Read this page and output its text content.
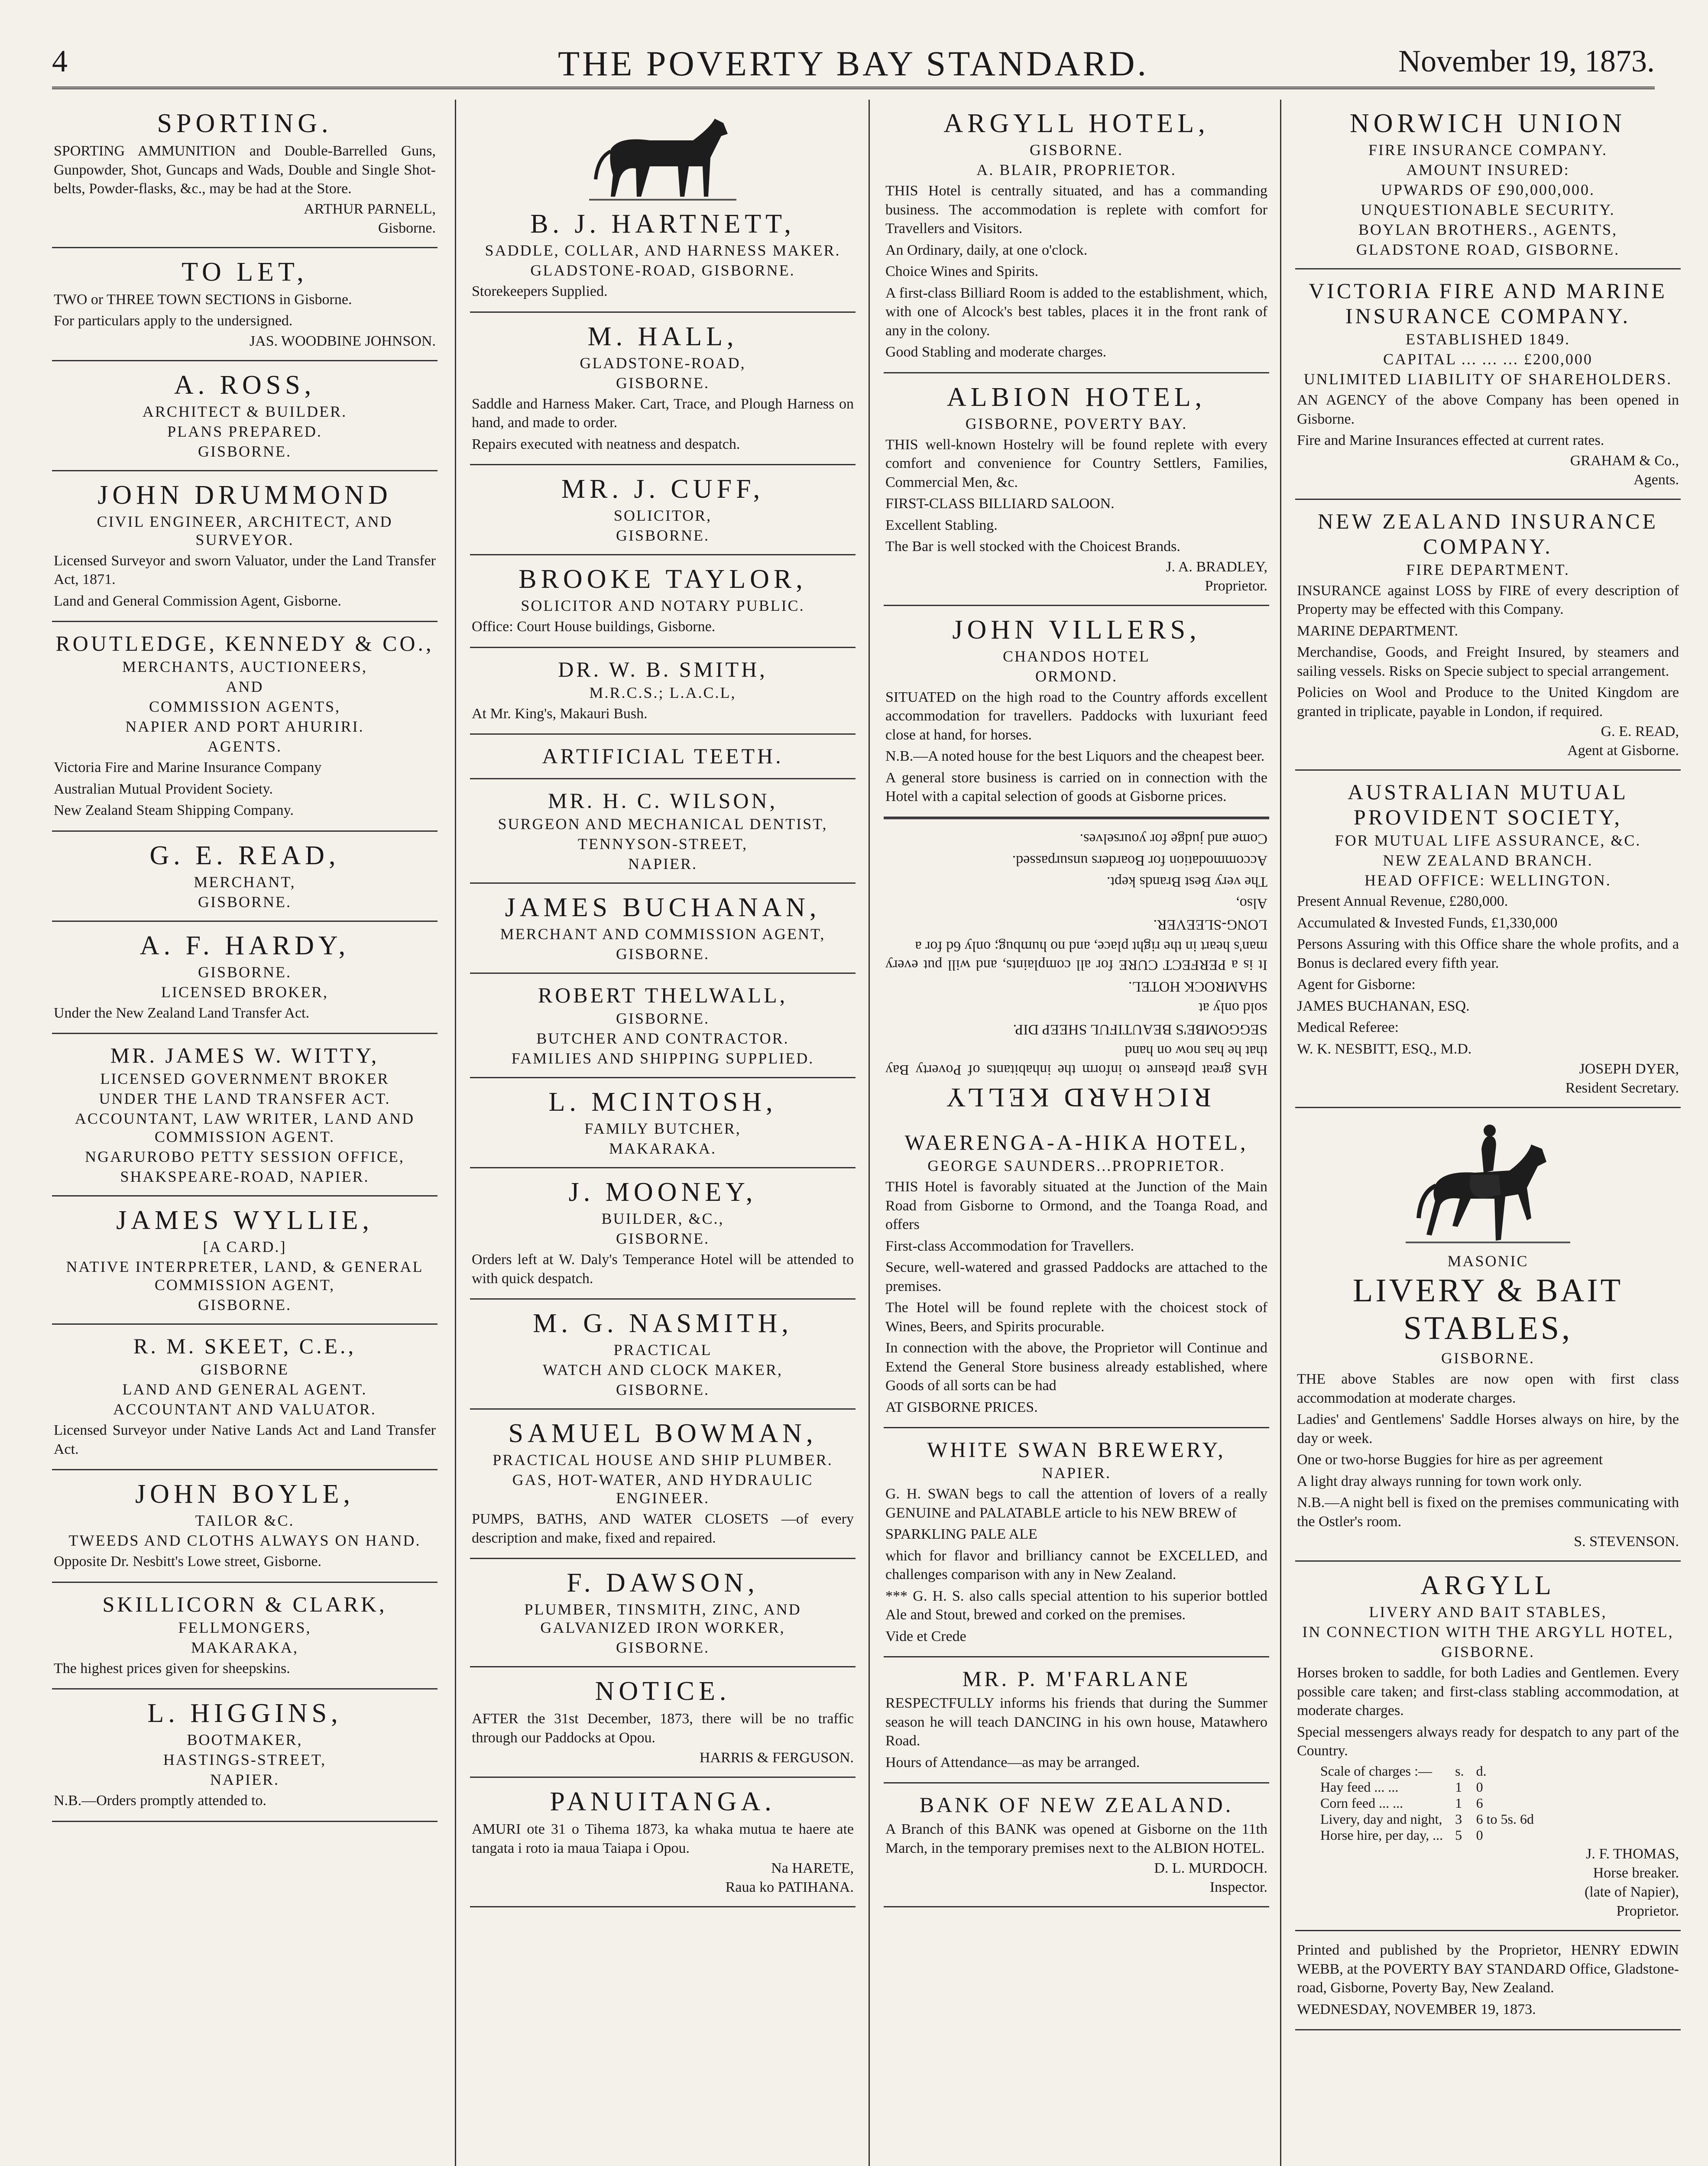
4	THE POVERTY BAY STANDARD.	November 19, 1873.
SPORTING.

SPORTING AMMUNITION and Double-Barrelled Guns, Gunpowder, Shot, Guncaps and Wads, Double and Single Shot-belts, Powder-flasks, &c., may be had at the Store.

ARTHUR PARNELL,
Gisborne.
TO LET,

TWO or THREE TOWN SECTIONS in Gisborne.

For particulars apply to the undersigned.

JAS. WOODBINE JOHNSON.
A. ROSS,
ARCHITECT & BUILDER.
PLANS PREPARED.
GISBORNE.
JOHN DRUMMOND
CIVIL ENGINEER, ARCHITECT, AND SURVEYOR.

Licensed Surveyor and sworn Valuator, under the Land Transfer Act, 1871.

Land and General Commission Agent, Gisborne.

ROUTLEDGE, KENNEDY & CO.,
MERCHANTS, AUCTIONEERS,
AND
COMMISSION AGENTS,
NAPIER AND PORT AHURIRI.
AGENTS.

Victoria Fire and Marine Insurance Company

Australian Mutual Provident Society.

New Zealand Steam Shipping Company.

G. E. READ,
MERCHANT,
GISBORNE.
A. F. HARDY,
GISBORNE.
LICENSED BROKER,

Under the New Zealand Land Transfer Act.

MR. JAMES W. WITTY,
LICENSED GOVERNMENT BROKER
UNDER THE LAND TRANSFER ACT.
ACCOUNTANT, LAW WRITER, LAND AND COMMISSION AGENT.
NGARUROBO PETTY SESSION OFFICE,
SHAKSPEARE-ROAD, NAPIER.
JAMES WYLLIE,
[A CARD.]
NATIVE INTERPRETER, LAND, & GENERAL COMMISSION AGENT,
GISBORNE.
R. M. SKEET, C.E.,
GISBORNE
LAND AND GENERAL AGENT.
ACCOUNTANT AND VALUATOR.

Licensed Surveyor under Native Lands Act and Land Transfer Act.

JOHN BOYLE,
TAILOR &C.
TWEEDS AND CLOTHS ALWAYS ON HAND.

Opposite Dr. Nesbitt's Lowe street, Gisborne.

SKILLICORN & CLARK,
FELLMONGERS,
MAKARAKA,

The highest prices given for sheepskins.

L. HIGGINS,
BOOTMAKER,
HASTINGS-STREET,
NAPIER.

N.B.—Orders promptly attended to.

B. J. HARTNETT,
SADDLE, COLLAR, AND HARNESS MAKER.
GLADSTONE-ROAD, GISBORNE.

Storekeepers Supplied.

M. HALL,
GLADSTONE-ROAD,
GISBORNE.

Saddle and Harness Maker. Cart, Trace, and Plough Harness on hand, and made to order.

Repairs executed with neatness and despatch.

MR. J. CUFF,
SOLICITOR,
GISBORNE.
BROOKE TAYLOR,
SOLICITOR AND NOTARY PUBLIC.

Office: Court House buildings, Gisborne.

DR. W. B. SMITH,
M.R.C.S.; L.A.C.L,

At Mr. King's, Makauri Bush.

ARTIFICIAL TEETH.
MR. H. C. WILSON,
SURGEON AND MECHANICAL DENTIST,
TENNYSON-STREET,
NAPIER.
JAMES BUCHANAN,
MERCHANT AND COMMISSION AGENT,
GISBORNE.
ROBERT THELWALL,
GISBORNE.
BUTCHER AND CONTRACTOR.
FAMILIES AND SHIPPING SUPPLIED.
L. MCINTOSH,
FAMILY BUTCHER,
MAKARAKA.
J. MOONEY,
BUILDER, &C.,
GISBORNE.

Orders left at W. Daly's Temperance Hotel will be attended to with quick despatch.

M. G. NASMITH,
PRACTICAL
WATCH AND CLOCK MAKER,
GISBORNE.
SAMUEL BOWMAN,
PRACTICAL HOUSE AND SHIP PLUMBER.
GAS, HOT-WATER, AND HYDRAULIC ENGINEER.

PUMPS, BATHS, AND WATER CLOSETS —of every description and make, fixed and repaired.

F. DAWSON,
PLUMBER, TINSMITH, ZINC, AND GALVANIZED IRON WORKER,
GISBORNE.
NOTICE.

AFTER the 31st December, 1873, there will be no traffic through our Paddocks at Opou.

HARRIS & FERGUSON.
PANUITANGA.

AMURI ote 31 o Tihema 1873, ka whaka mutua te haere ate tangata i roto ia maua Taiapa i Opou.

Na HARETE,
Raua ko PATIHANA.
ARGYLL HOTEL,
GISBORNE.
A. BLAIR, PROPRIETOR.

THIS Hotel is centrally situated, and has a commanding business. The accommodation is replete with comfort for Travellers and Visitors.

An Ordinary, daily, at one o'clock.

Choice Wines and Spirits.

A first-class Billiard Room is added to the establishment, which, with one of Alcock's best tables, places it in the front rank of any in the colony.

Good Stabling and moderate charges.

ALBION HOTEL,
GISBORNE, POVERTY BAY.

THIS well-known Hostelry will be found replete with every comfort and convenience for Country Settlers, Families, Commercial Men, &c.

FIRST-CLASS BILLIARD SALOON.

Excellent Stabling.

The Bar is well stocked with the Choicest Brands.

J. A. BRADLEY,
Proprietor.
JOHN VILLERS,
CHANDOS HOTEL
ORMOND.

SITUATED on the high road to the Country affords excellent accommodation for travellers. Paddocks with luxuriant feed close at hand, for horses.

N.B.—A noted house for the best Liquors and the cheapest beer.

A general store business is carried on in connection with the Hotel with a capital selection of goods at Gisborne prices.

RICHARD KELLY

HAS great pleasure to inform the inhabitants of Poverty Bay that he has now on hand

SEGGOMBE'S BEAUTIFUL SHEEP DIP.

sold only at

SHAMROCK HOTEL.

It is a PERFECT CURE for all complaints, and will put every man's heart in the right place, and no humbug; only 6d for a

LONG-SLEEVER.

Also,

The very Best Brands kept.

Accommodation for Boarders unsurpassed.

Come and judge for yourselves.

WAERENGA-A-HIKA HOTEL,
GEORGE SAUNDERS...PROPRIETOR.

THIS Hotel is favorably situated at the Junction of the Main Road from Gisborne to Ormond, and the Toanga Road, and offers

First-class Accommodation for Travellers.

Secure, well-watered and grassed Paddocks are attached to the premises.

The Hotel will be found replete with the choicest stock of Wines, Beers, and Spirits procurable.

In connection with the above, the Proprietor will Continue and Extend the General Store business already established, where Goods of all sorts can be had

AT GISBORNE PRICES.

WHITE SWAN BREWERY,
NAPIER.

G. H. SWAN begs to call the attention of lovers of a really GENUINE and PALATABLE article to his NEW BREW of

SPARKLING PALE ALE

which for flavor and brilliancy cannot be EXCELLED, and challenges comparison with any in New Zealand.

*** G. H. S. also calls special attention to his superior bottled Ale and Stout, brewed and corked on the premises.

Vide et Crede

MR. P. M'FARLANE

RESPECTFULLY informs his friends that during the Summer season he will teach DANCING in his own house, Matawhero Road.

Hours of Attendance—as may be arranged.

BANK OF NEW ZEALAND.

A Branch of this BANK was opened at Gisborne on the 11th March, in the temporary premises next to the ALBION HOTEL.

D. L. MURDOCH.
Inspector.
NORWICH UNION
FIRE INSURANCE COMPANY.
AMOUNT INSURED:
UPWARDS OF £90,000,000.
UNQUESTIONABLE SECURITY.
BOYLAN BROTHERS., AGENTS,
GLADSTONE ROAD, GISBORNE.
VICTORIA FIRE AND MARINE INSURANCE COMPANY.
ESTABLISHED 1849.
CAPITAL ... ... ... £200,000
UNLIMITED LIABILITY OF SHAREHOLDERS.

AN AGENCY of the above Company has been opened in Gisborne.

Fire and Marine Insurances effected at current rates.

GRAHAM & Co.,
Agents.
NEW ZEALAND INSURANCE COMPANY.
FIRE DEPARTMENT.

INSURANCE against LOSS by FIRE of every description of Property may be effected with this Company.

MARINE DEPARTMENT.

Merchandise, Goods, and Freight Insured, by steamers and sailing vessels. Risks on Specie subject to special arrangement.

Policies on Wool and Produce to the United Kingdom are granted in triplicate, payable in London, if required.

G. E. READ,
Agent at Gisborne.
AUSTRALIAN MUTUAL PROVIDENT SOCIETY,
FOR MUTUAL LIFE ASSURANCE, &C.
NEW ZEALAND BRANCH.
HEAD OFFICE: WELLINGTON.

Present Annual Revenue, £280,000.

Accumulated & Invested Funds, £1,330,000

Persons Assuring with this Office share the whole profits, and a Bonus is declared every fifth year.

Agent for Gisborne:

JAMES BUCHANAN, ESQ.

Medical Referee:

W. K. NESBITT, ESQ., M.D.

JOSEPH DYER,
Resident Secretary.
MASONIC
LIVERY & BAIT STABLES,
GISBORNE.

THE above Stables are now open with first class accommodation at moderate charges.

Ladies' and Gentlemens' Saddle Horses always on hire, by the day or week.

One or two-horse Buggies for hire as per agreement

A light dray always running for town work only.

N.B.—A night bell is fixed on the premises communicating with the Ostler's room.

S. STEVENSON.
ARGYLL
LIVERY AND BAIT STABLES,
IN CONNECTION WITH THE ARGYLL HOTEL,
GISBORNE.

Horses broken to saddle, for both Ladies and Gentlemen. Every possible care taken; and first-class stabling accommodation, at moderate charges.

Special messengers always ready for despatch to any part of the Country.

Scale of charges :—	s.	d.
Hay feed ... ...	1	0
Corn feed ... ...	1	6
Livery, day and night,	3	6 to 5s. 6d
Horse hire, per day, ...	5	0
J. F. THOMAS,
Horse breaker.
(late of Napier),
Proprietor.

Printed and published by the Proprietor, HENRY EDWIN WEBB, at the POVERTY BAY STANDARD Office, Gladstone-road, Gisborne, Poverty Bay, New Zealand.

WEDNESDAY, NOVEMBER 19, 1873.
